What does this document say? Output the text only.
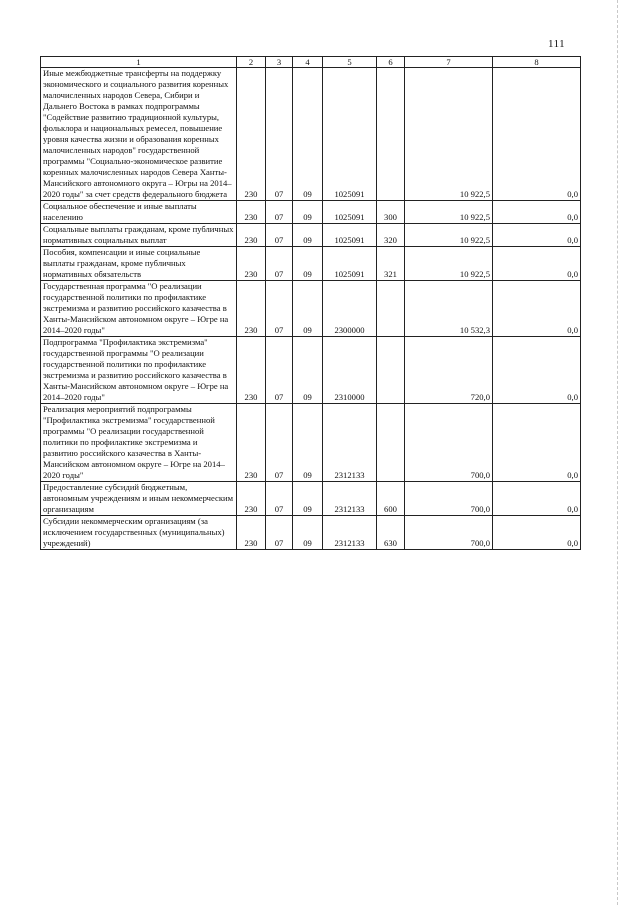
111
1	2	3	4	5	6	7	8
Иные межбюджетные трансферты на поддержку экономического и социального развития коренных малочисленных народов Севера, Сибири и Дальнего Востока в рамках подпрограммы "Содействие развитию традиционной культуры, фольклора и национальных ремесел, повышение уровня качества жизни и образования коренных малочисленных народов" государственной программы "Социально-экономическое развитие коренных малочисленных народов Севера Ханты-Мансийского автономного округа – Югры на 2014–2020 годы" за счет средств федерального бюджета	230	07	09	1025091		10 922,5	0,0
Социальное обеспечение и иные выплаты населению	230	07	09	1025091	300	10 922,5	0,0
Социальные выплаты гражданам, кроме публичных нормативных социальных выплат	230	07	09	1025091	320	10 922,5	0,0
Пособия, компенсации и иные социальные выплаты гражданам, кроме публичных нормативных обязательств	230	07	09	1025091	321	10 922,5	0,0
Государственная программа "О реализации государственной политики по профилактике экстремизма и развитию российского казачества в Ханты-Мансийском автономном округе – Югре на 2014–2020 годы"	230	07	09	2300000		10 532,3	0,0
Подпрограмма "Профилактика экстремизма" государственной программы "О реализации государственной политики по профилактике экстремизма и развитию российского казачества в Ханты-Мансийском автономном округе – Югре на 2014–2020 годы"	230	07	09	2310000		720,0	0,0
Реализация мероприятий подпрограммы "Профилактика экстремизма" государственной программы "О реализации государственной политики по профилактике экстремизма и развитию российского казачества в Ханты-Мансийском автономном округе – Югре на 2014–2020 годы"	230	07	09	2312133		700,0	0,0
Предоставление субсидий бюджетным, автономным учреждениям и иным некоммерческим организациям	230	07	09	2312133	600	700,0	0,0
Субсидии некоммерческим организациям (за исключением государственных (муниципальных) учреждений)	230	07	09	2312133	630	700,0	0,0
